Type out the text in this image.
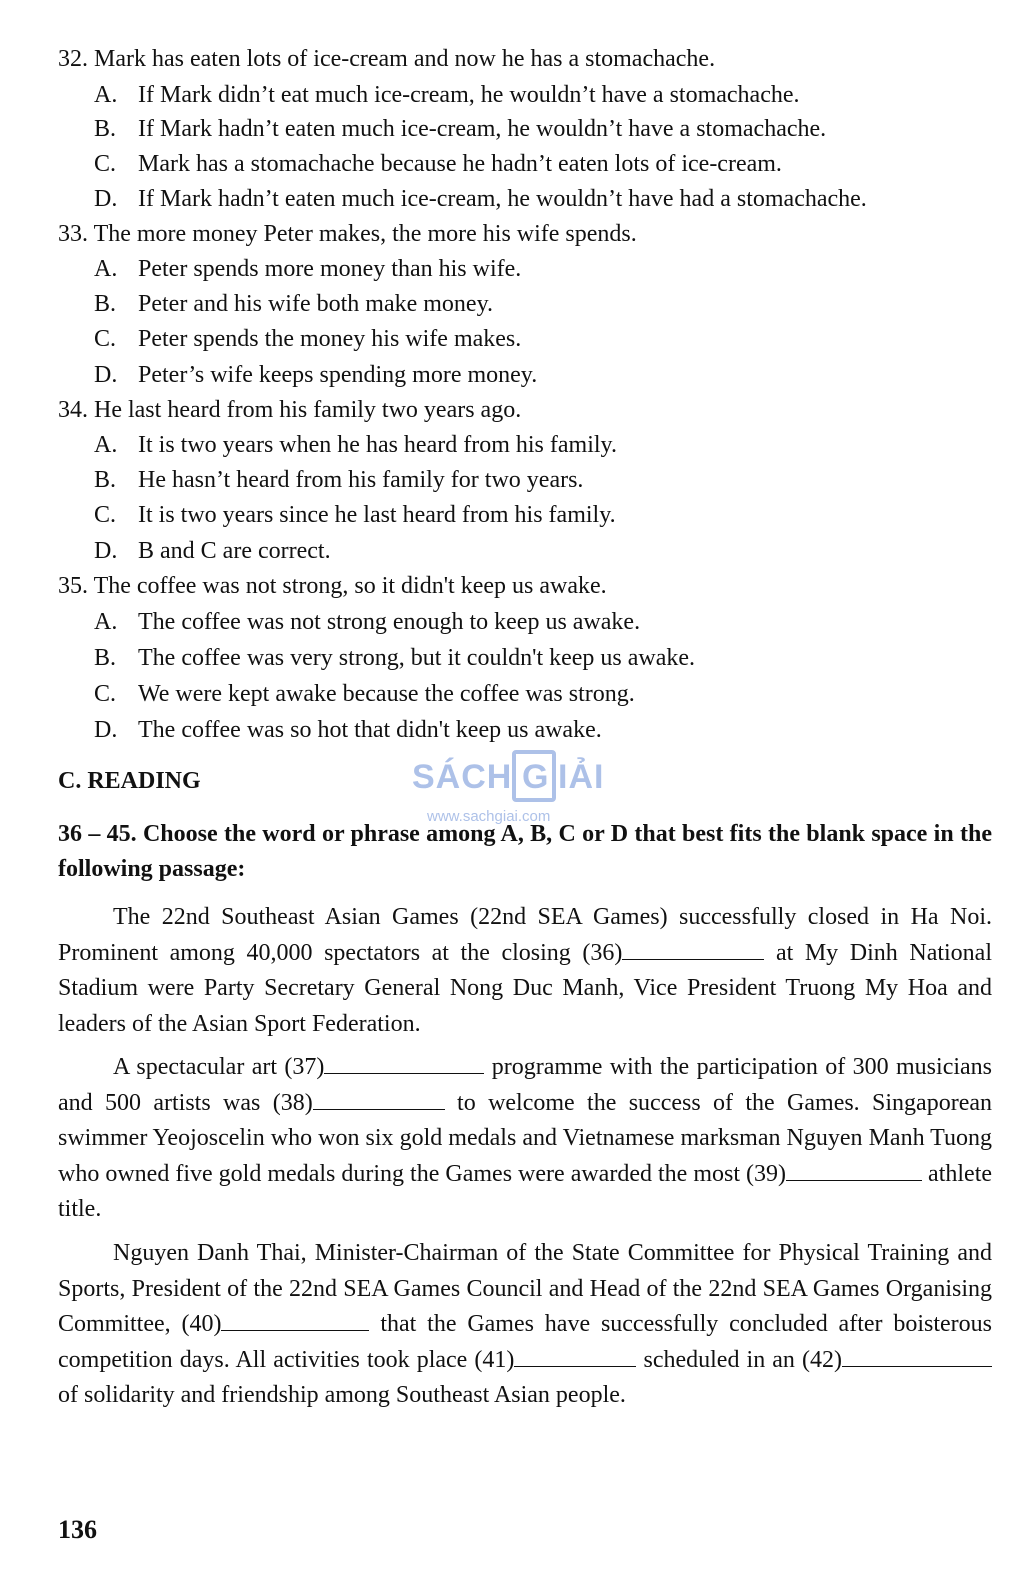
32. Mark has eaten lots of ice-cream and now he has a stomachache.
A. If Mark didn’t eat much ice-cream, he wouldn’t have a stomachache.
B. If Mark hadn’t eaten much ice-cream, he wouldn’t have a stomachache.
C. Mark has a stomachache because he hadn’t eaten lots of ice-cream.
D. If Mark hadn’t eaten much ice-cream, he wouldn’t have had a stomachache.
33. The more money Peter makes, the more his wife spends.
A. Peter spends more money than his wife.
B. Peter and his wife both make money.
C. Peter spends the money his wife makes.
D. Peter’s wife keeps spending more money.
34. He last heard from his family two years ago.
A. It is two years when he has heard from his family.
B. He hasn’t heard from his family for two years.
C. It is two years since he last heard from his family.
D. B and C are correct.
35. The coffee was not strong, so it didn't keep us awake.
A. The coffee was not strong enough to keep us awake.
B. The coffee was very strong, but it couldn't keep us awake.
C. We were kept awake because the coffee was strong.
D. The coffee was so hot that didn't keep us awake.
C. READING	SÁCH G IẢI
www.sachgiai.com
36 – 45. Choose the word or phrase among A, B, C or D that best fits the blank space in the following passage:

The 22nd Southeast Asian Games (22nd SEA Games) successfully closed in Ha Noi. Prominent among 40,000 spectators at the closing (36)	at My Dinh National Stadium were Party Secretary General Nong Duc Manh, Vice President Truong My Hoa and leaders of the Asian Sport Federation.

A spectacular art (37)	programme with the participation of 300 musicians and 500 artists was (38)	to welcome the success of the Games. Singaporean swimmer Yeojoscelin who won six gold medals and Vietnamese marksman Nguyen Manh Tuong who owned five gold medals during the Games were awarded the most (39)	athlete title.

Nguyen Danh Thai, Minister-Chairman of the State Committee for Physical Training and Sports, President of the 22nd SEA Games Council and Head of the 22nd SEA Games Organising Committee, (40)	that the Games have successfully concluded after boisterous competition days. All activities took place (41)	scheduled in an (42) of solidarity and friendship among Southeast Asian people.

136
